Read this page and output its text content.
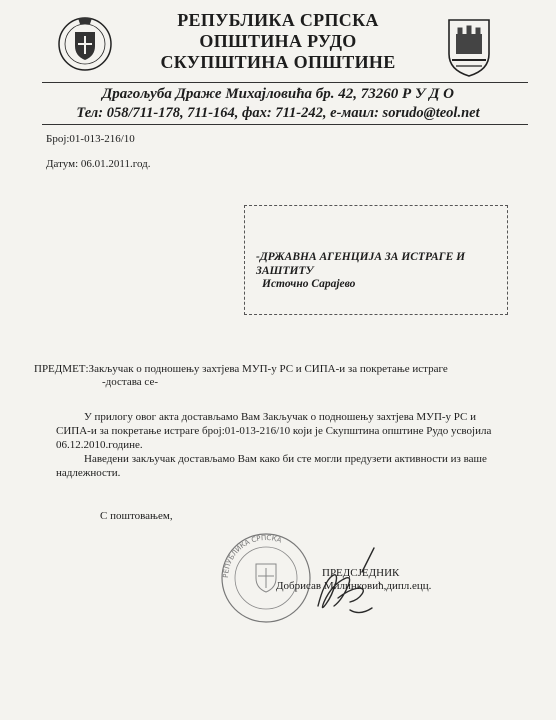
РЕПУБЛИКА СРПСКА
ОПШТИНА РУДО
СКУПШТИНА ОПШТИНЕ
Драгољуба Драже Михајловића бр. 42, 73260 Р У Д О
Тел: 058/711-178, 711-164, фах: 711-242, е-маил: sorudo@teol.net
Број:01-013-216/10
Датум: 06.01.2011.год.
-ДРЖАВНА АГЕНЦИЈА ЗА ИСТРАГЕ И ЗАШТИТУ
Источно Сарајево
ПРЕДМЕТ:Закључак о подношењу захтјева МУП-у РС и СИПА-и за покретање истраге
-достава се-
У прилогу овог акта достављамо Вам Закључак о подношењу захтјева МУП-у РС и
СИПА-и за покретање истраге број:01-013-216/10 који је Скупштина општине Рудо усвојила
06.12.2010.године.
Наведени закључак достављамо Вам како би сте могли предузети активности из ваше
надлежности.
С поштовањем,
РЕПУБЛИКА СРПСКА
ПРЕДСЈЕДНИК
Добрисав Милинковић,дипл.ецц.
